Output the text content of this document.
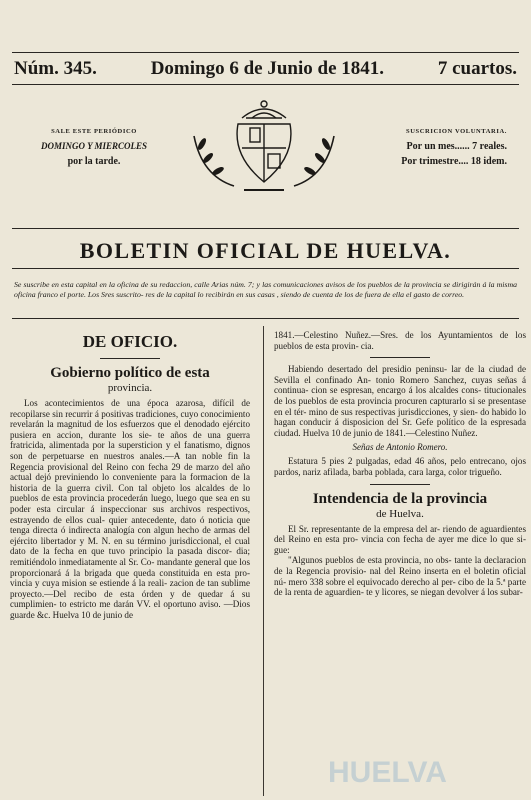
Núm. 345.	Domingo 6 de Junio de 1841.	7 cuartos.
SALE ESTE PERIÓDICO
DOMINGO Y MIERCOLES
por la tarde.
SUSCRICION VOLUNTARIA.
Por un mes...... 7 reales.
Por trimestre.... 18 idem.
BOLETIN OFICIAL DE HUELVA.

Se suscribe en esta capital en la oficina de su redaccion, calle Arias núm. 7; y las comunicaciones avisos de los pueblos de la provincia se dirigirán á la misma oficina franco el porte. Los Sres suscrito- res de la capital lo recibirán en sus casas , siendo de cuenta de los de fuera de ella el gasto de correo.

DE OFICIO.
Gobierno político de esta
provincia.

Los acontecimientos de una época azarosa, difícil de recopilarse sin recurrir á positivas tradiciones, cuyo conocimiento revelarán la magnitud de los esfuerzos que el denodado ejército pusiera en accion, durante los sie- te años de una guerra fratricida, alimentada por la supersticion y el fanatismo, dignos son de perpetuarse en nuestros anales.—A tan noble fin la Regencia provisional del Reino con fecha 29 de marzo del año actual dejó previniendo lo conveniente para la formacion de la historia de la guerra civil. Con tal objeto los alcaldes de lo pueblos de esta provincia procederán luego, luego que sea en su poder esta circular á inspeccionar sus archivos respectivos, estrayendo de ellos cual- quier antecedente, dato ó noticia que tenga directa ó indirecta analogía con algun hecho de armas del ejército libertador y M. N. en su término jurisdiccional, el cual dato de la fecha en que tuvo principio la pasada discor- dia; remitiéndolo inmediatamente al Sr. Co- mandante general que los proporcionará á la brigada que queda constituida en esta pro- vincia y cuya mision se estiende á la reali- zacion de tan sublime proyecto.—Del recibo de esta órden y de quedar á su cumplimien- to estricto me darán VV. el oportuno aviso. —Dios guarde &c. Huelva 10 de junio de

1841.—Celestino Nuñez.—Sres. de los Ayuntamientos de los pueblos de esta provin- cia.

Habiendo desertado del presidio peninsu- lar de la ciudad de Sevilla el confinado An- tonio Romero Sanchez, cuyas señas á continua- cion se espresan, encargo á los alcaldes cons- titucionales de los pueblos de esta provincia procuren capturarlo si se presentase en el tér- mino de sus respectivas jurisdicciones, y sien- do habido lo hagan conducir á disposicion del Sr. Gefe político de la espresada ciudad. Huelva 10 de junio de 1841.—Celestino Nuñez.

Señas de Antonio Romero.

Estatura 5 pies 2 pulgadas, edad 46 años, pelo entrecano, ojos pardos, nariz afilada, barba poblada, cara larga, color trigueño.

Intendencia de la provincia
de Huelva.

El Sr. representante de la empresa del ar- riendo de aguardientes del Reino en esta pro- vincia con fecha de ayer me dice lo que si- gue:

"Algunos pueblos de esta provincia, no obs- tante la declaracion de la Regencia provisio- nal del Reino inserta en el boletin oficial nú- mero 338 sobre el equivocado derecho al per- cibo de la 5.ª parte de la renta de aguardien- te y licores, se niegan devolver á los subar-

HUELVA
